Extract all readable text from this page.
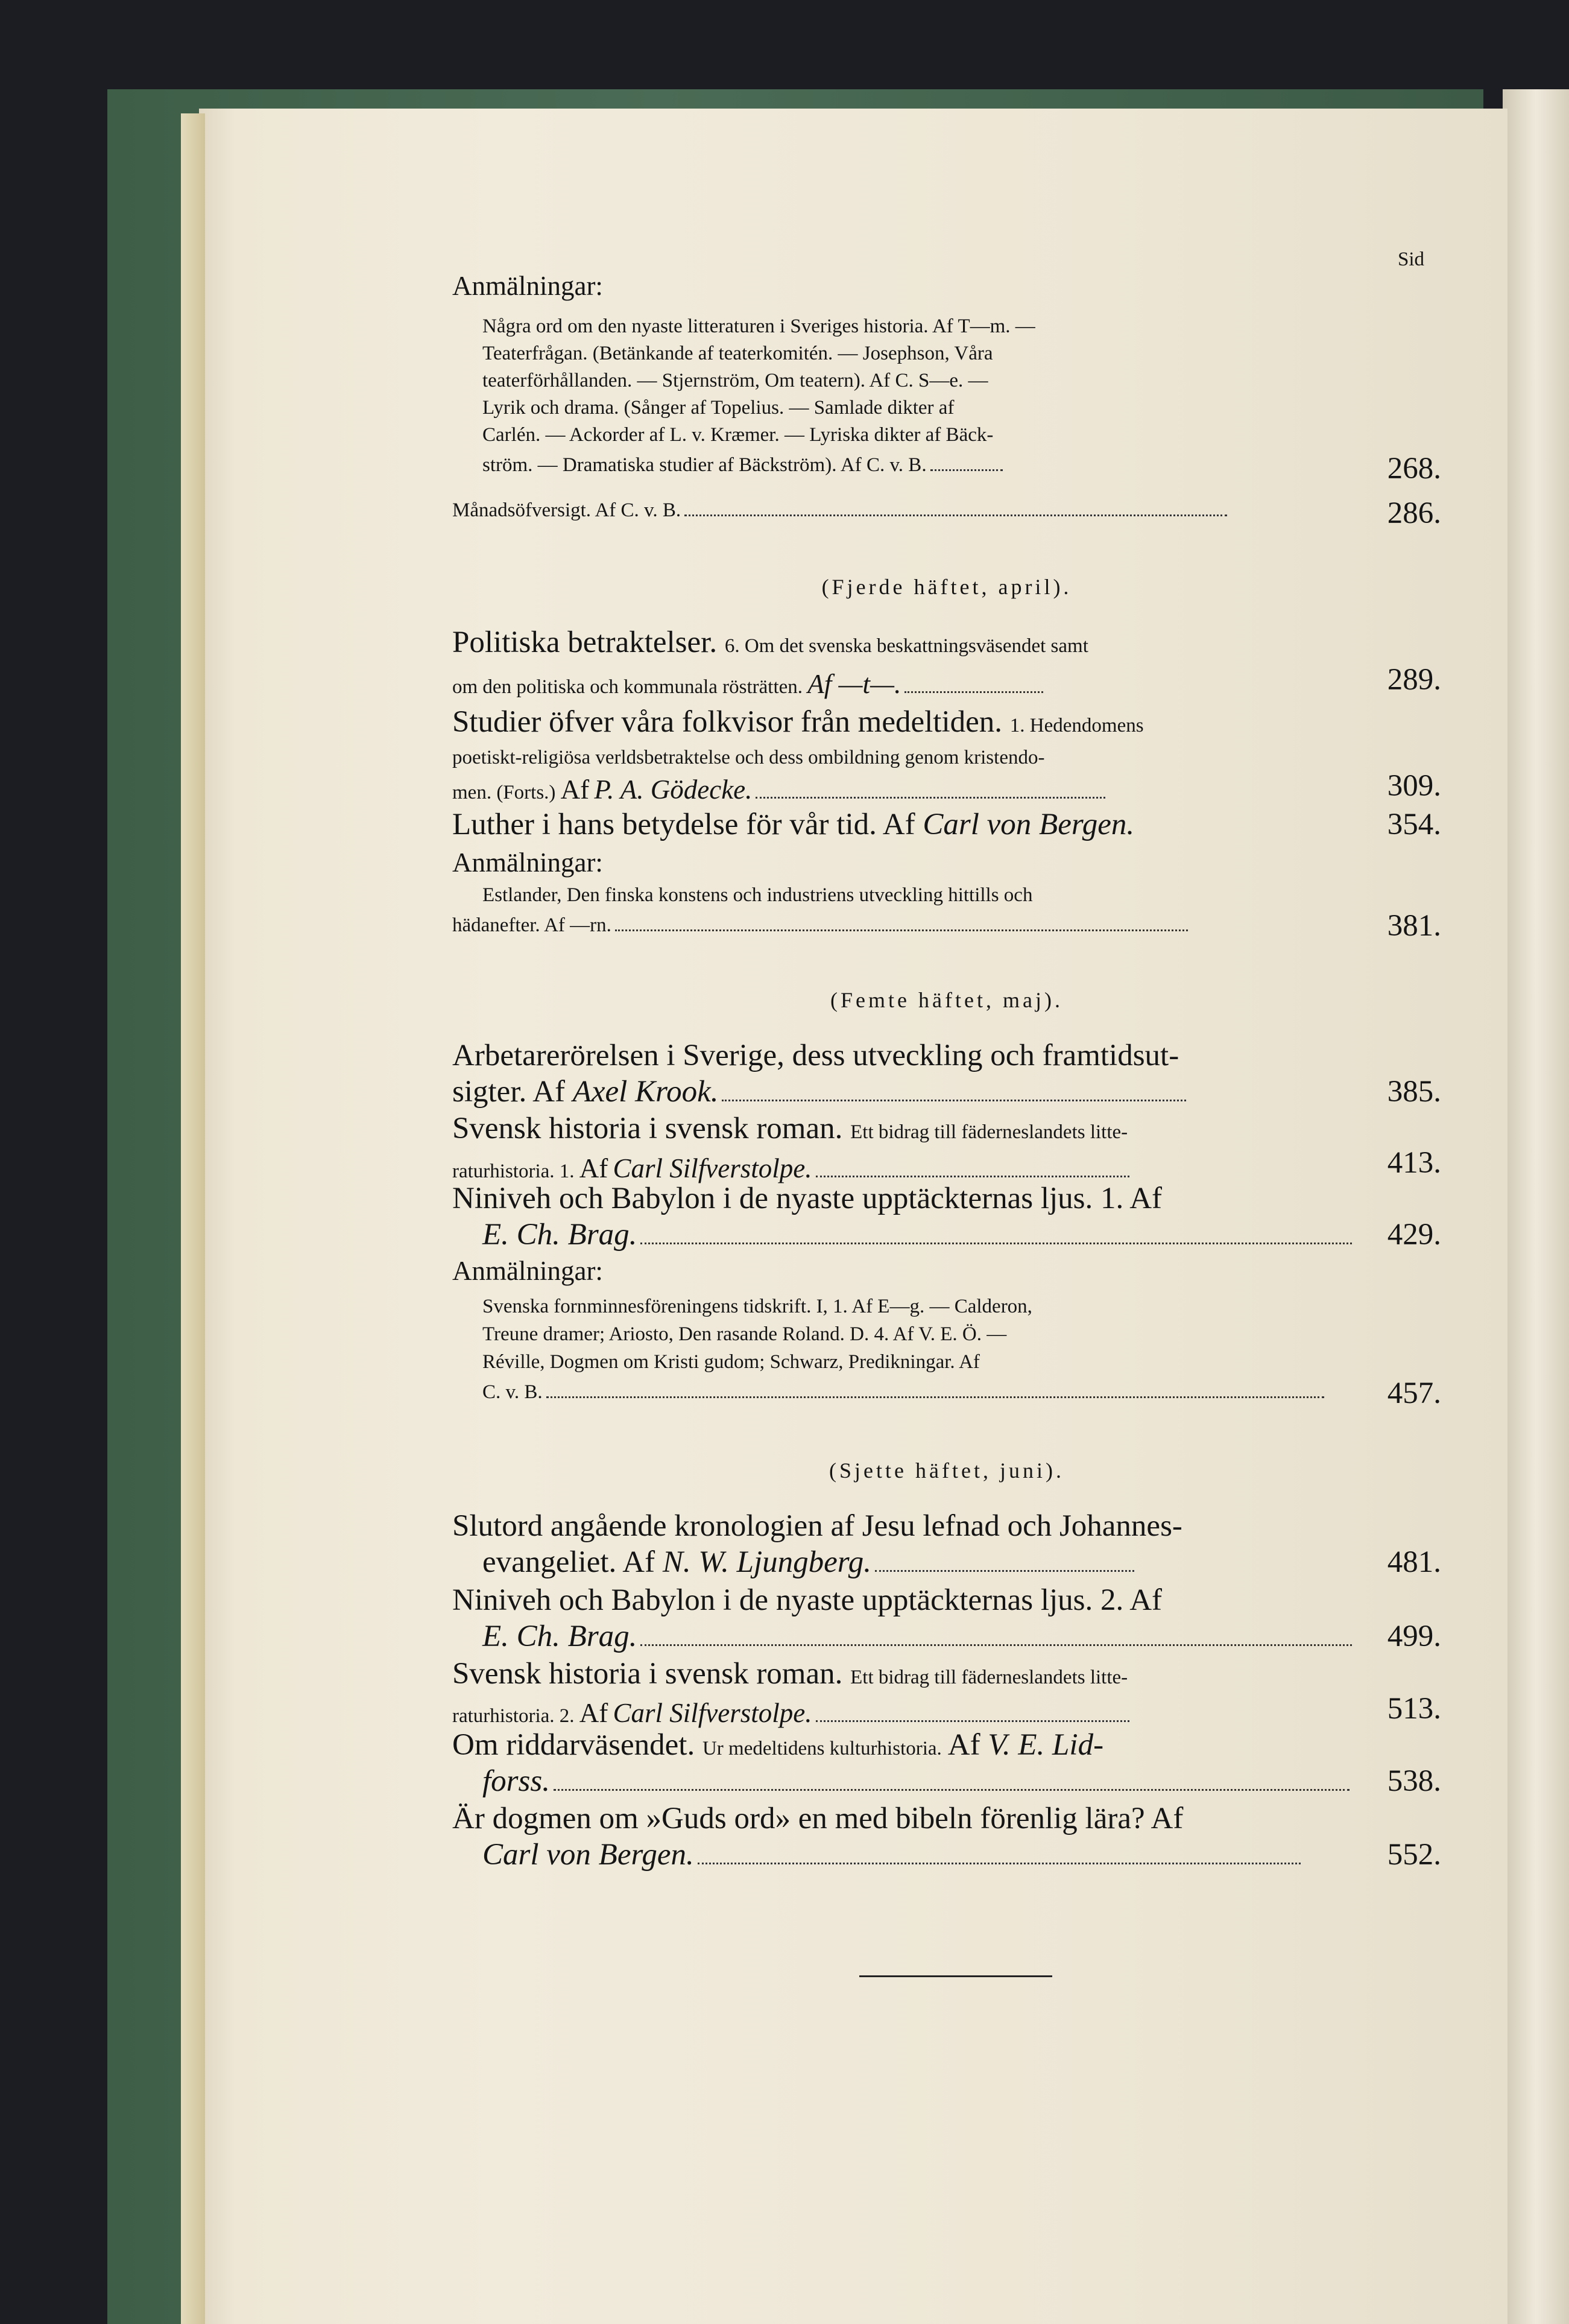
Sid
Anmälningar:
Några ord om den nyaste litteraturen i Sveriges historia. Af T—m. —
Teaterfrågan. (Betänkande af teaterkomitén. — Josephson, Våra
teaterförhållanden. — Stjernström, Om teatern). Af C. S—e. —
Lyrik och drama. (Sånger af Topelius. — Samlade dikter af
Carlén. — Ackorder af L. v. Kræmer. — Lyriska dikter af Bäck-
ström. — Dramatiska studier af Bäckström). Af C. v. B.	268.
Månadsöfversigt. Af C. v. B.	286.
(Fjerde häftet, april).
Politiska betraktelser. 6. Om det svenska beskattningsväsendet samt
om den politiska och kommunala rösträtten. Af —t—.	289.
Studier öfver våra folkvisor från medeltiden. 1. Hedendomens
poetiskt-religiösa verldsbetraktelse och dess ombildning genom kristendo-
men. (Forts.) Af P. A. Gödecke.	309.
Luther i hans betydelse för vår tid. Af Carl von Bergen.	354.
Anmälningar:
Estlander, Den finska konstens och industriens utveckling hittills och
hädanefter. Af —rn.	381.
(Femte häftet, maj).
Arbetarerörelsen i Sverige, dess utveckling och framtidsut-
sigter. Af Axel Krook.	385.
Svensk historia i svensk roman. Ett bidrag till fäderneslandets litte-
raturhistoria. 1. Af Carl Silfverstolpe.	413.
Niniveh och Babylon i de nyaste upptäckternas ljus. 1. Af
E. Ch. Brag.	429.
Anmälningar:
Svenska fornminnesföreningens tidskrift. I, 1. Af E—g. — Calderon,
Treune dramer; Ariosto, Den rasande Roland. D. 4. Af V. E. Ö. —
Réville, Dogmen om Kristi gudom; Schwarz, Predikningar. Af
C. v. B.	457.
(Sjette häftet, juni).
Slutord angående kronologien af Jesu lefnad och Johannes-
evangeliet. Af N. W. Ljungberg.	481.
Niniveh och Babylon i de nyaste upptäckternas ljus. 2. Af
E. Ch. Brag.	499.
Svensk historia i svensk roman. Ett bidrag till fäderneslandets litte-
raturhistoria. 2. Af Carl Silfverstolpe.	513.
Om riddarväsendet. Ur medeltidens kulturhistoria. Af V. E. Lid-
forss.	538.
Är dogmen om »Guds ord» en med bibeln förenlig lära? Af
Carl von Bergen.	552.
